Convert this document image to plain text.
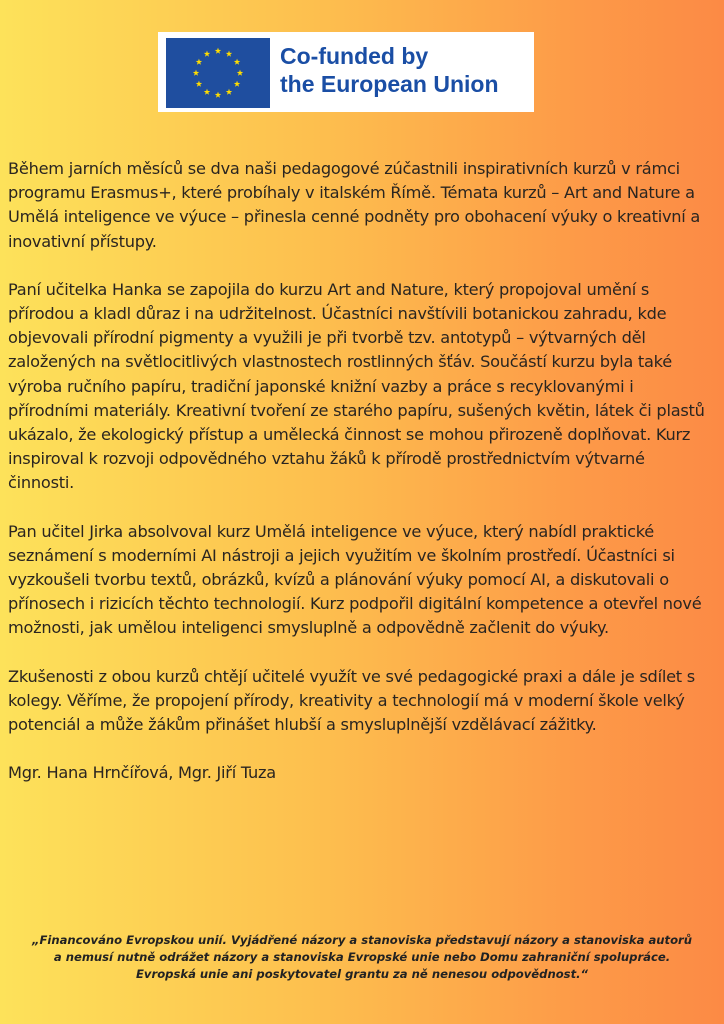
Co-funded by
the European Union

Během jarních měsíců se dva naši pedagogové zúčastnili inspirativních kurzů v rámci programu Erasmus+, které probíhaly v italském Římě. Témata kurzů – Art and Nature a Umělá inteligence ve výuce – přinesla cenné podněty pro obohacení výuky o kreativní a inovativní přístupy.

Paní učitelka Hanka se zapojila do kurzu Art and Nature, který propojoval umění s přírodou a kladl důraz i na udržitelnost. Účastníci navštívili botanickou zahradu, kde objevovali přírodní pigmenty a využili je při tvorbě tzv. antotypů – výtvarných děl založených na světlocitlivých vlastnostech rostlinných šťáv. Součástí kurzu byla také výroba ručního papíru, tradiční japonské knižní vazby a práce s recyklovanými i přírodními materiály. Kreativní tvoření ze starého papíru, sušených květin, látek či plastů ukázalo, že ekologický přístup a umělecká činnost se mohou přirozeně doplňovat. Kurz inspiroval k rozvoji odpovědného vztahu žáků k přírodě prostřednictvím výtvarné činnosti.

Pan učitel Jirka absolvoval kurz Umělá inteligence ve výuce, který nabídl praktické seznámení s moderními AI nástroji a jejich využitím ve školním prostředí. Účastníci si vyzkoušeli tvorbu textů, obrázků, kvízů a plánování výuky pomocí AI, a diskutovali o přínosech i rizicích těchto technologií. Kurz podpořil digitální kompetence a otevřel nové možnosti, jak umělou inteligenci smysluplně a odpovědně začlenit do výuky.

Zkušenosti z obou kurzů chtějí učitelé využít ve své pedagogické praxi a dále je sdílet s kolegy. Věříme, že propojení přírody, kreativity a technologií má v moderní škole velký potenciál a může žákům přinášet hlubší a smysluplnější vzdělávací zážitky.

Mgr. Hana Hrnčířová, Mgr. Jiří Tuza

„Financováno Evropskou unií. Vyjádřené názory a stanoviska představují názory a stanoviska autorů a nemusí nutně odrážet názory a stanoviska Evropské unie nebo Domu zahraniční spolupráce. Evropská unie ani poskytovatel grantu za ně nenesou odpovědnost.“
